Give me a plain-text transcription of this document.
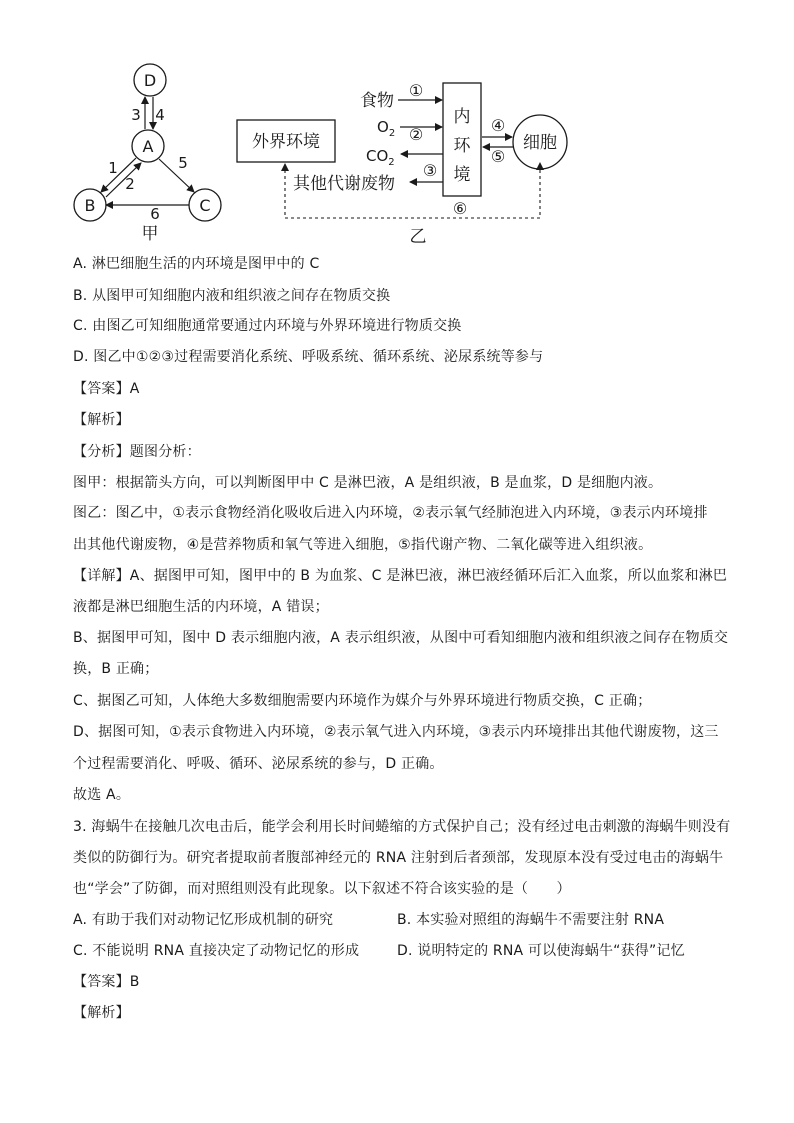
D
A
B	C
3 4
1
2
5
6
甲
外界环境
内
环
境
细胞
食物
①
$O_2$ ②
$CO_2$
其他代谢废物
③
④
⑤
⑥
乙
A. 淋巴细胞生活的内环境是图甲中的 C
B. 从图甲可知细胞内液和组织液之间存在物质交换
C. 由图乙可知细胞通常要通过内环境与外界环境进行物质交换
D. 图乙中①②③过程需要消化系统、呼吸系统、循环系统、泌尿系统等参与
【答案】A
【解析】
【分析】题图分析：
图甲：根据箭头方向，可以判断图甲中 C 是淋巴液，A 是组织液，B 是血浆，D 是细胞内液。
图乙：图乙中，①表示食物经消化吸收后进入内环境，②表示氧气经肺泡进入内环境，③表示内环境排
出其他代谢废物，④是营养物质和氧气等进入细胞，⑤指代谢产物、二氧化碳等进入组织液。
【详解】A、据图甲可知，图甲中的 B 为血浆、C 是淋巴液，淋巴液经循环后汇入血浆，所以血浆和淋巴
液都是淋巴细胞生活的内环境，A 错误；
B、据图甲可知，图中 D 表示细胞内液，A 表示组织液，从图中可看知细胞内液和组织液之间存在物质交
换，B 正确；
C、据图乙可知，人体绝大多数细胞需要内环境作为媒介与外界环境进行物质交换，C 正确；
D、据图可知，①表示食物进入内环境，②表示氧气进入内环境，③表示内环境排出其他代谢废物，这三
个过程需要消化、呼吸、循环、泌尿系统的参与，D 正确。
故选 A。
3. 海蜗牛在接触几次电击后，能学会利用长时间蜷缩的方式保护自己；没有经过电击刺激的海蜗牛则没有
类似的防御行为。研究者提取前者腹部神经元的 RNA 注射到后者颈部，发现原本没有受过电击的海蜗牛
也“学会”了防御，而对照组则没有此现象。以下叙述不符合该实验的是（　　）
A. 有助于我们对动物记忆形成机制的研究	B. 本实验对照组的海蜗牛不需要注射 RNA
C. 不能说明 RNA 直接决定了动物记忆的形成	D. 说明特定的 RNA 可以使海蜗牛“获得”记忆
【答案】B
【解析】
